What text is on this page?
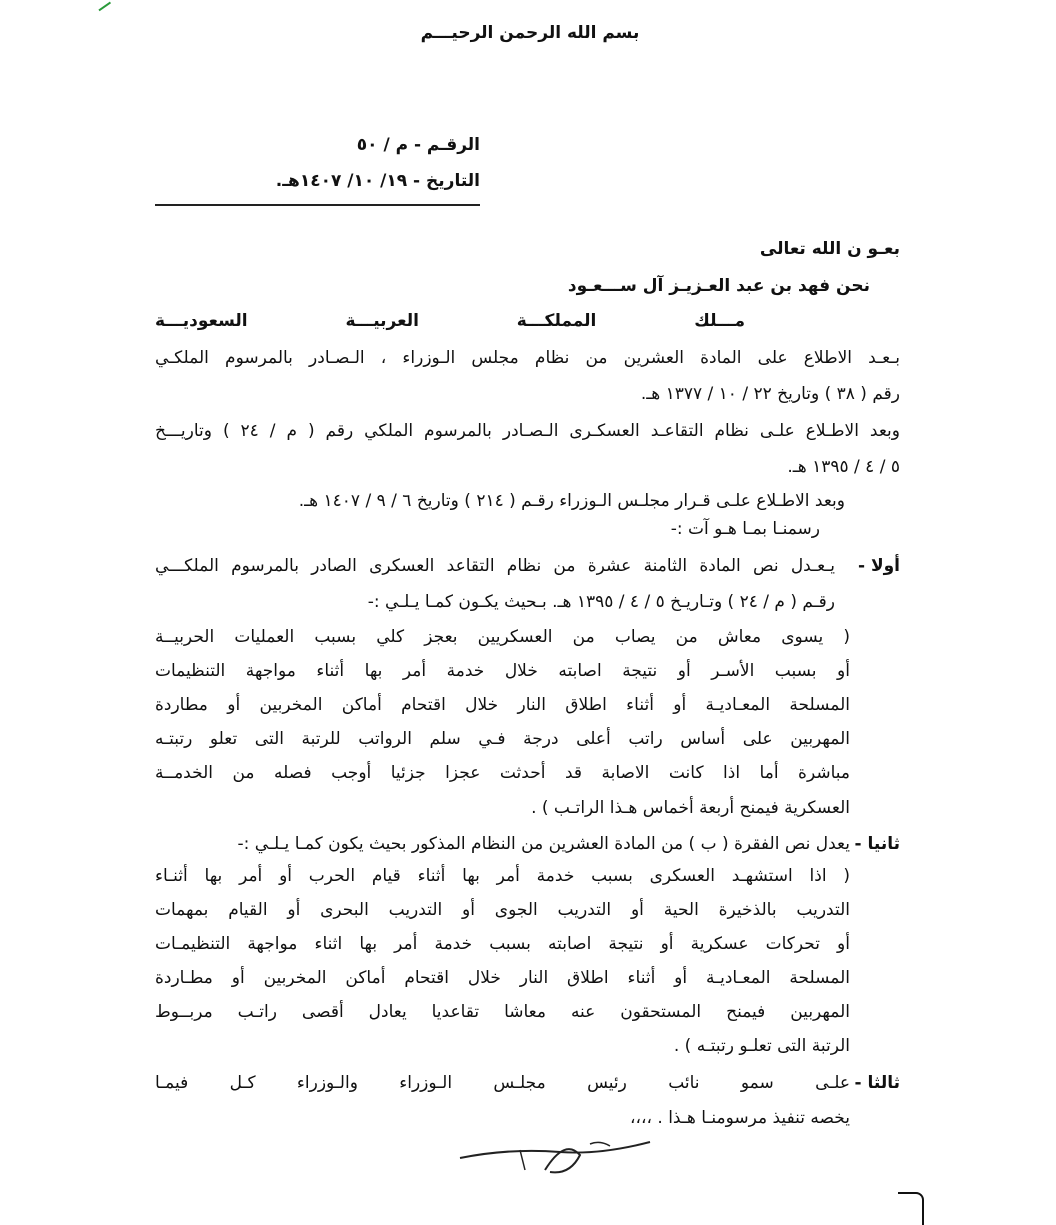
بسم الله الرحمن الرحيـــم
الرقـم - م / ٥٠
التاريخ - ١٩/ ١٠/ ١٤٠٧هـ.
بعـو ن الله تعالى
نحن فهد بن عبد العـزيـز آل ســـعـود
مـــلك المملكـــة العربيـــة السعوديـــة
بـعـد الاطلاع على المادة العشرين من نظام مجلس الـوزراء ، الـصـادر بالمرسوم الملكـي
رقم ( ٣٨ ) وتاريخ ٢٢ / ١٠ / ١٣٧٧ هـ.
وبعد الاطـلاع علـى نظام التقاعـد العسكـرى الـصـادر بالمرسوم الملكي رقم ( م / ٢٤ ) وتاريـــخ
٥ / ٤ / ١٣٩٥ هـ.
وبعد الاطـلاع علـى قـرار مجلـس الـوزراء رقـم ( ٢١٤ ) وتاريخ ٦ / ٩ / ١٤٠٧ هـ.
رسمنـا بمـا هـو آت :-
أولا -
يـعـدل نص المادة الثامنة عشرة من نظام التقاعد العسكرى الصادر بالمرسوم الملكـــي
رقـم ( م / ٢٤ ) وتـاريـخ ٥ / ٤ / ١٣٩٥ هـ. بـحيث يكـون كمـا يـلـي :-
( يسوى معاش من يصاب من العسكريين بعجز كلي بسبب العمليات الحربيــة
أو بسبب الأسـر أو نتيجة اصابته خلال خدمة أمر بها أثناء مواجهة التنظيمات
المسلحة المعـاديـة أو أثناء اطلاق النار خلال اقتحام أماكن المخربين أو مطاردة
المهربين على أساس راتب أعلى درجة فـي سلم الرواتب للرتبة التى تعلو رتبتـه
مباشرة أما اذا كانت الاصابة قد أحدثت عجزا جزئيا أوجب فصله من الخدمــة
العسكرية فيمنح أربعة أخماس هـذا الراتـب ) .
ثانيا -
يعدل نص الفقرة ( ب ) من المادة العشرين من النظام المذكور بحيث يكون كمـا يـلـي :-
( اذا استشهـد العسكرى بسبب خدمة أمر بها أثناء قيام الحرب أو أمر بها أثنـاء
التدريب بالذخيرة الحية أو التدريب الجوى أو التدريب البحرى أو القيام بمهمات
أو تحركات عسكرية أو نتيجة اصابته بسبب خدمة أمر بها اثناء مواجهة التنظيمـات
المسلحة المعـاديـة أو أثناء اطلاق النار خلال اقتحام أماكن المخربين أو مطـاردة
المهربين فيمنح المستحقون عنه معاشا تقاعديا يعادل أقصى راتـب مربــوط
الرتبة التى تعلـو رتبتـه ) .
ثالثا -
علـى سمو نائب رئيس مجلـس الـوزراء والـوزراء كـل فيمـا
يخصه تنفيذ مرسومنـا هـذا . ،،،،
